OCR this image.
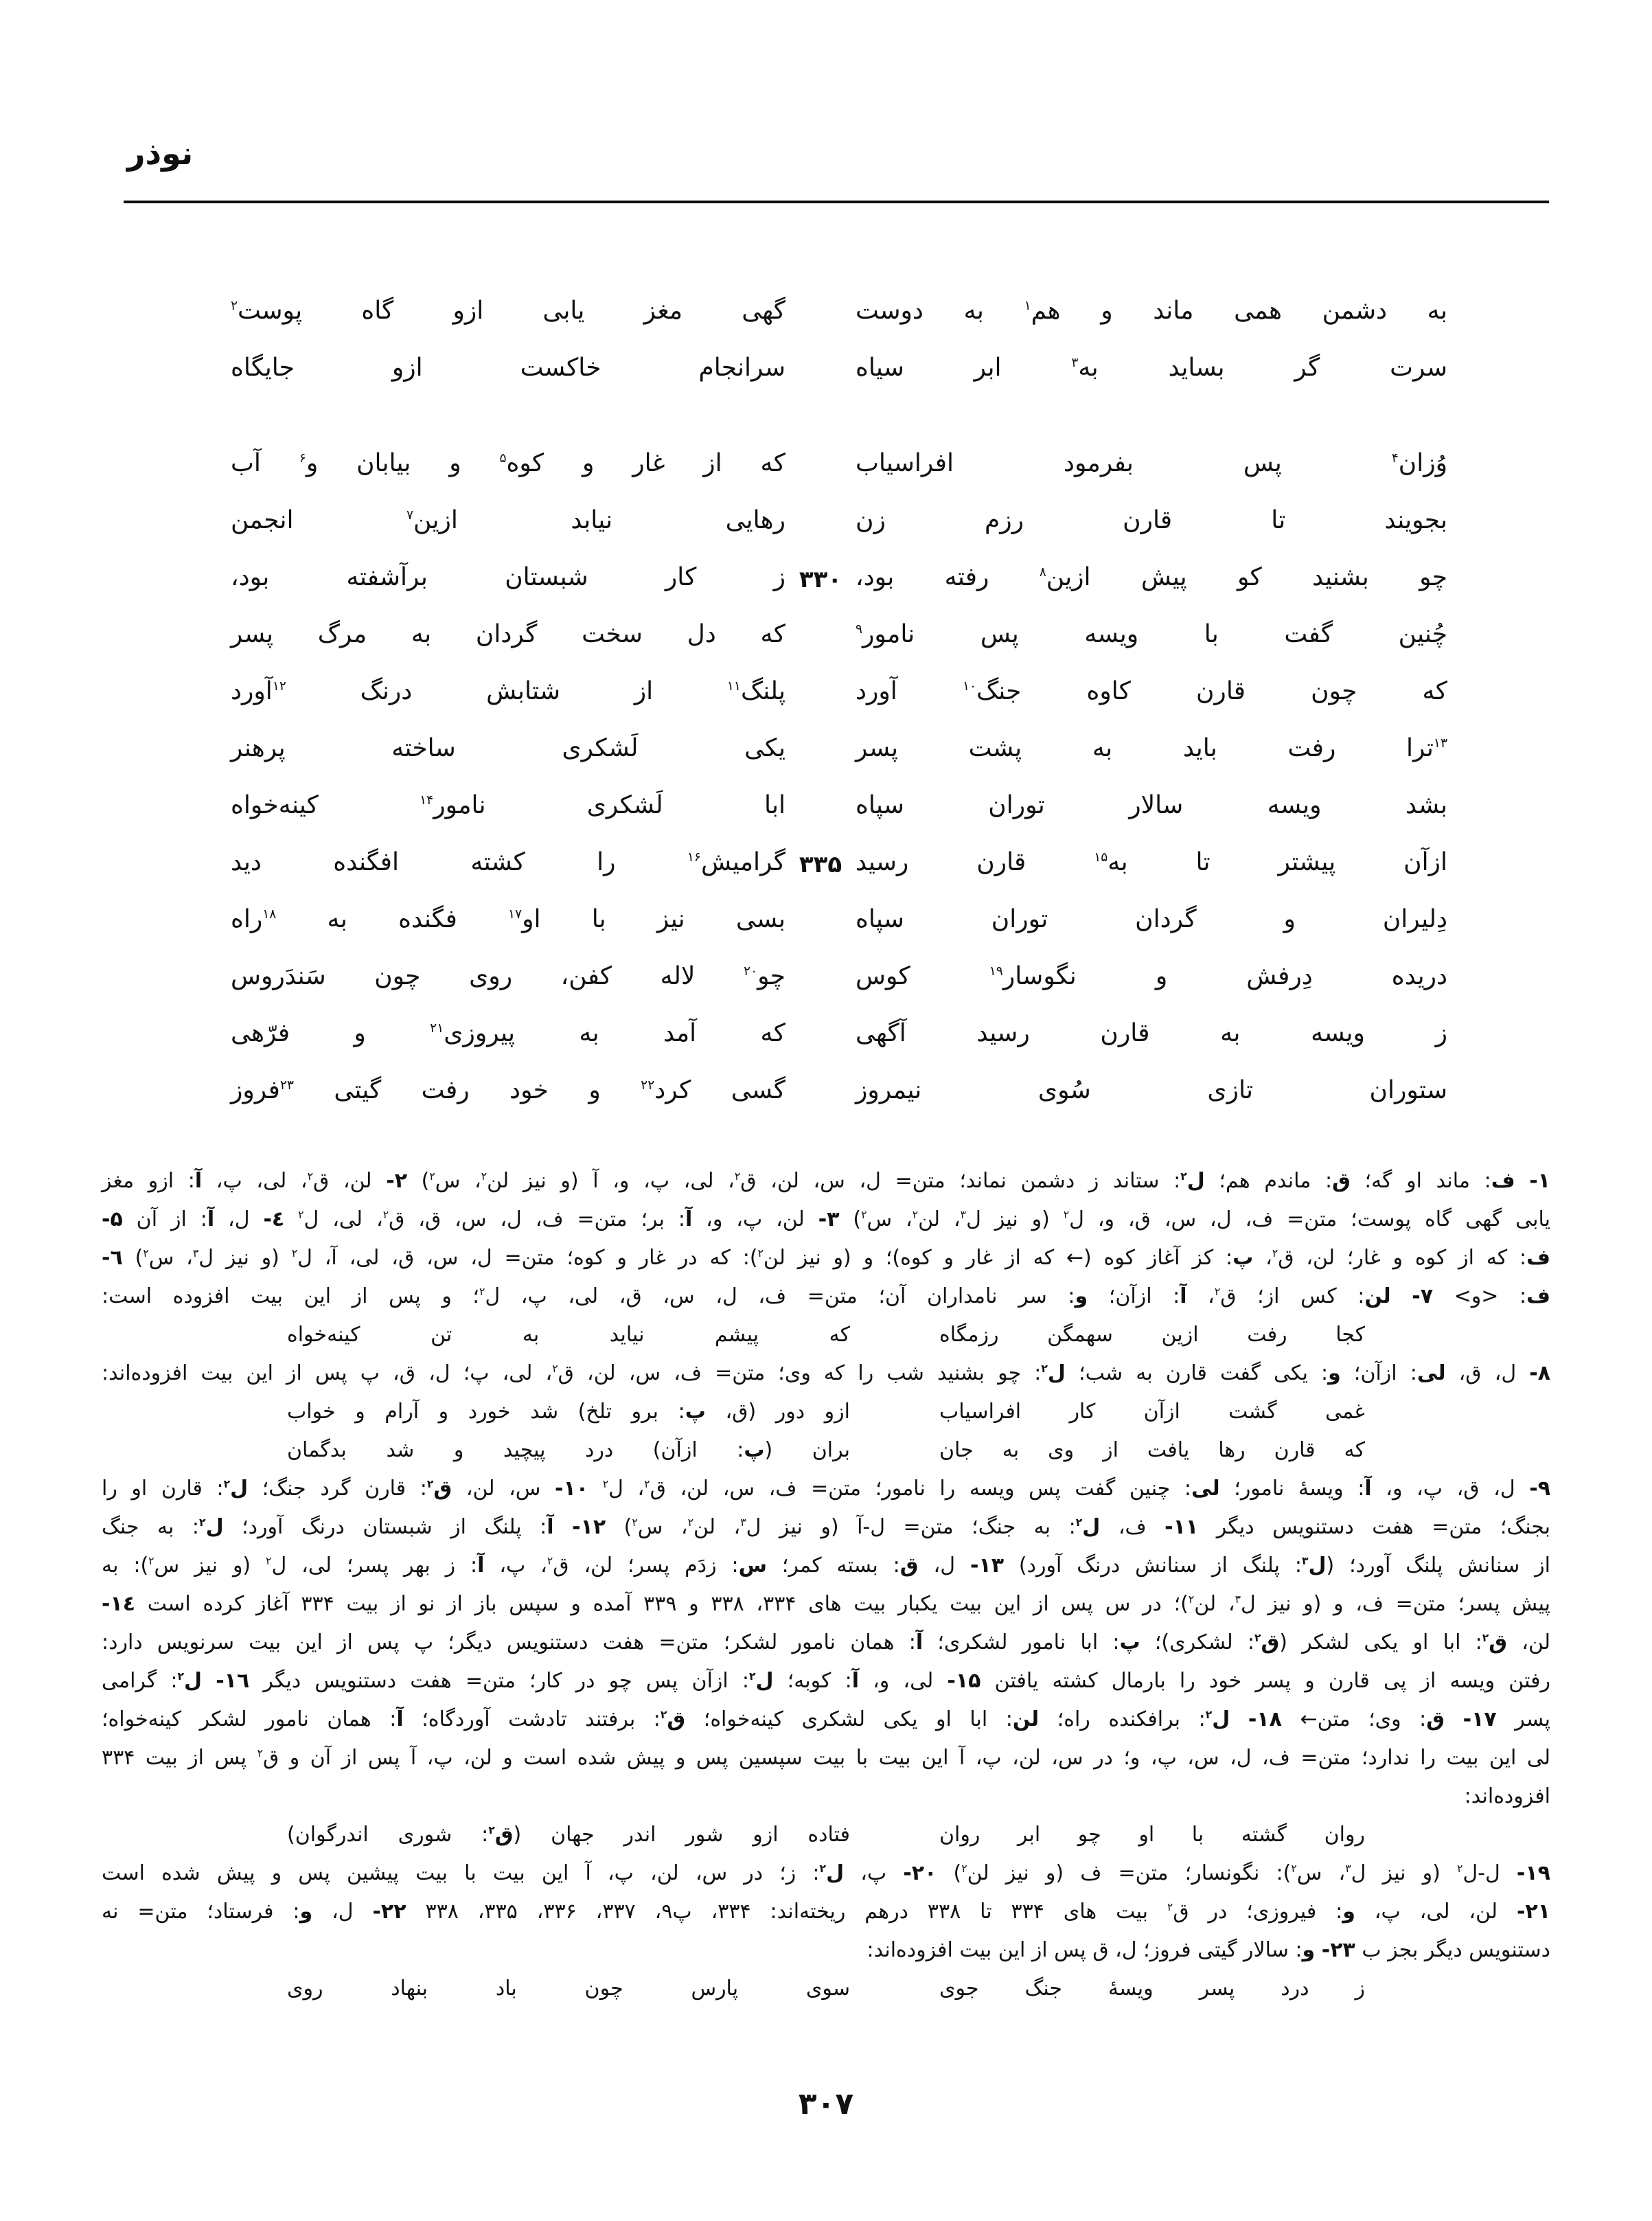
نوذر
به دشمن همی ماند و هم$^۱$ به دوست
گهی مغز یابی ازو گاه پوست$^۲$
سرت گر بساید به$^۳$ ابر سیاه
سرانجام خاکست ازو جایگاه
وُزان$^۴$ پس بفرمود افراسیاب
که از غار و کوه$^۵$ و بیابان و$^۶$ آب
بجویند تا قارن رزم زن
رهایی نیابد ازین$^۷$ انجمن
چو بشنید کو پیش ازین$^۸$ رفته بود،
۳۳۰
ز کار شبستان برآشفته بود،
چُنین گفت با ویسه پس نامور$^۹$
که دل سخت گردان به مرگ پسر
که چون قارن کاوه جنگ$^{۱۰}$ آورد
پلنگ$^{۱۱}$ از شتابش درنگ $^{۱۲}$آورد
$^{۱۳}$ترا رفت باید به پشت پسر
یکی لَشکری ساخته پرهنر
بشد ویسه سالار توران سپاه
ابا لَشکری نامور$^{۱۴}$ کینه‌خواه
ازآن پیشتر تا به$^{۱۵}$ قارن رسید
۳۳۵
گرامیش$^{۱۶}$ را کشته افگنده دید
دِلیران و گردان توران سپاه
بسی نیز با او$^{۱۷}$ فگنده به $^{۱۸}$راه
دریده دِرفش و نگوسار$^{۱۹}$ کوس
چو$^{۲۰}$ لاله کفن، روی چون سَندَروس
ز ویسه به قارن رسید آگهی
که آمد به پیروزی$^{۲۱}$ و فرّهی
ستوران تازی سُوی نیمروز
گسی کرد$^{۲۲}$ و خود رفت گیتی $^{۲۳}$فروز
۱- ف: ماند او گه؛ ق: ماندم هم؛ ل$^۲$: ستاند ز دشمن نماند؛ متن= ل، س، لن، ق$^۲$، لی، پ، و، آ (و نیز لن$^۲$، س$^۲$) ۲- لن، ق$^۲$، لی، پ، آ: ازو مغز
یابی گهی گاه پوست؛ متن= ف، ل، س، ق، و، ل$^۲$ (و نیز ل$^۳$، لن$^۲$، س$^۲$) ۳- لن، پ، و، آ: بر؛ متن= ف، ل، س، ق، ق$^۲$، لی، ل$^۲$ ٤- ل، آ: از آن ۵-
ف: که از کوه و غار؛ لن، ق$^۲$، پ: کز آغاز کوه (← که از غار و کوه)؛ و (و نیز لن$^۲$): که در غار و کوه؛ متن= ل، س، ق، لی، آ، ل$^۲$ (و نیز ل$^۳$، س$^۲$) ٦-
ف: <و> ٧- لن: کس از؛ ق$^۲$، آ: ازآن؛ و: سر نامداران آن؛ متن= ف، ل، س، ق، لی، پ، ل$^۲$؛ و پس از این بیت افزوده است:
کجا رفت ازین سهمگن رزمگاه
که پیشم نیاید به تن کینه‌خواه
۸- ل، ق، لی: ازآن؛ و: یکی گفت قارن به شب؛ ل$^۲$: چو بشنید شب را که وی؛ متن= ف، س، لن، ق$^۲$، لی، پ؛ ل، ق، پ پس از این بیت افزوده‌اند:
غمی گشت ازآن کار افراسیاب
ازو دور (ق، پ: برو تلخ) شد خورد و آرام و خواب
که قارن رها یافت از وی به جان
بران (پ: ازآن) درد پیچید و شد بدگمان
۹- ل، ق، پ، و، آ: ویسهٔ نامور؛ لی: چنین گفت پس ویسه را نامور؛ متن= ف، س، لن، ق$^۲$، ل$^۲$ ۱۰- س، لن، ق$^۲$: قارن گرد جنگ؛ ل$^۲$: قارن او را
بجنگ؛ متن= هفت دستنویس دیگر ۱۱- ف، ل$^۲$: به جنگ؛ متن= ل-آ (و نیز ل$^۳$، لن$^۲$، س$^۲$) ۱۲- آ: پلنگ از شبستان درنگ آورد؛ ل$^۲$: به جنگ
از سنانش پلنگ آورد؛ (ل$^۳$: پلنگ از سنانش درنگ آورد) ۱۳- ل، ق: بسته کمر؛ س: زدَم پسر؛ لن، ق$^۲$، پ، آ: ز بهر پسر؛ لی، ل$^۲$ (و نیز س$^۲$): به
پیش پسر؛ متن= ف، و (و نیز ل$^۳$، لن$^۲$)؛ در س پس از این بیت یکبار بیت های ۳۳۴، ۳۳۸ و ۳۳۹ آمده و سپس باز از نو از بیت ۳۳۴ آغاز کرده است ١٤-
لن، ق$^۲$: ابا او یکی لشکر (ق$^۲$: لشکری)؛ پ: ابا نامور لشکری؛ آ: همان نامور لشکر؛ متن= هفت دستنویس دیگر؛ پ پس از این بیت سرنویس دارد:
رفتن ویسه از پی قارن و پسر خود را بارمال کشته یافتن ۱۵- لی، و، آ: کوبه؛ ل$^۲$: ازآن پس چو در کار؛ متن= هفت دستنویس دیگر ١٦- ل$^۲$: گرامی
پسر ١٧- ق: وی؛ متن← ١٨- ل$^۲$: برافکنده راه؛ لن: ابا او یکی لشکری کینه‌خواه؛ ق$^۲$: برفتند تادشت آوردگاه؛ آ: همان نامور لشکر کینه‌خواه؛
لی این بیت را ندارد؛ متن= ف، ل، س، پ، و؛ در س، لن، پ، آ این بیت با بیت سپسین پس و پیش شده است و لن، پ، آ پس از آن و ق$^۲$ پس از بیت ۳۳۴
افزوده‌اند:
روان گشته با او چو ابر روان
فتاده ازو شور اندر جهان (ق$^۲$: شوری اندرگوان)
۱۹- ل-ل$^۲$ (و نیز ل$^۳$، س$^۲$): نگونسار؛ متن= ف (و نیز لن$^۲$) ۲۰- پ، ل$^۲$: ز؛ در س، لن، پ، آ این بیت با بیت پیشین پس و پیش شده است
۲۱- لن، لی، پ، و: فیروزی؛ در ق$^۲$ بیت های ۳۳۴ تا ۳۳۸ درهم ریخته‌اند: ۳۳۴، پ۹، ۳۳۷، ۳۳۶، ۳۳۵، ۳۳۸ ۲۲- ل، و: فرستاد؛ متن= نه
دستنویس دیگر بجز ب ۲۳- و: سالار گیتی فروز؛ ل، ق پس از این بیت افزوده‌اند:
ز درد پسر ویسهٔ جنگ جوی
سوی پارس چون باد بنهاد روی
۳۰۷
